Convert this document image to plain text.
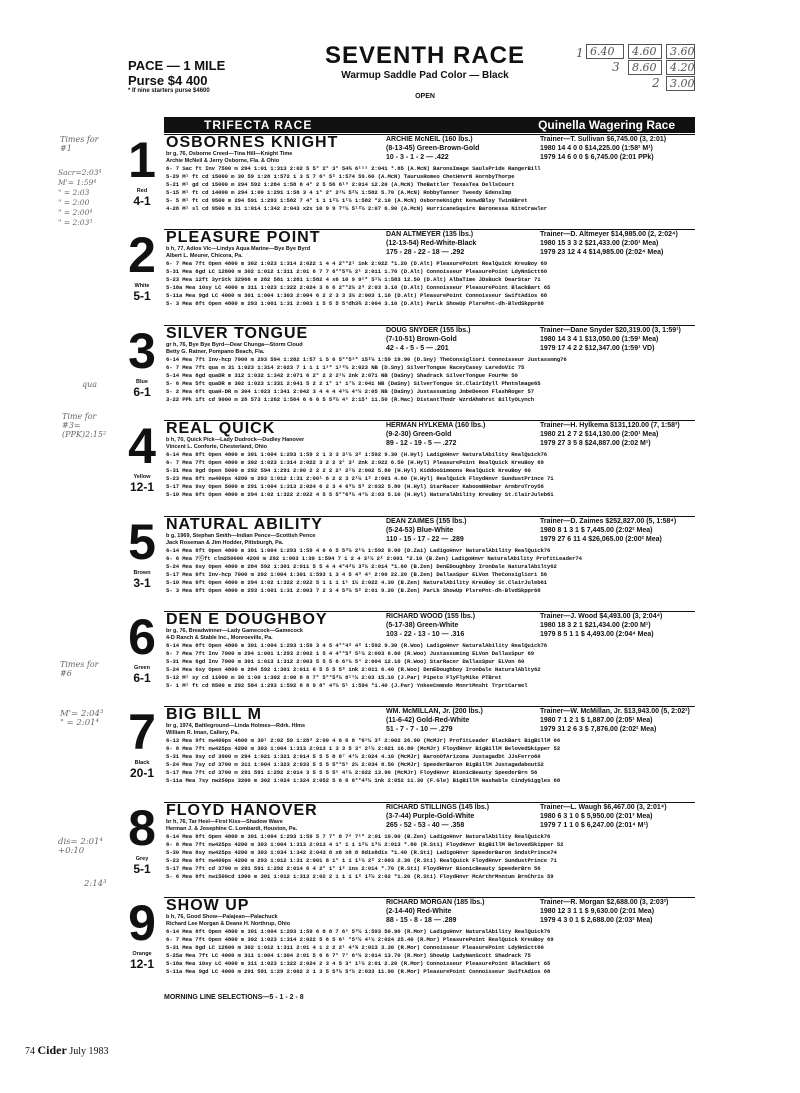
PACE — 1 MILE
Purse $4 400
* If nine starters purse $4600
SEVENTH RACE
Warmup Saddle Pad Color — Black
OPEN
1 6.40	4.60	3.60
3	8.60	4.20
2 3.00
TRIFECTA RACE	Quinella Wagering Race
1
Red
4-1
OSBORNES KNIGHT
br g, 76, Osborne Creed—Tina Hill—Knight Time
Archie McNeil & Jerry Osborne, Fla. & Ohio
ARCHIE McNEIL (160 lbs.)
(8-13-45) Green-Brown-Gold
10 - 3 - 1 - 2 — .422
Trainer—T. Sullivan $6,745.00 (3, 2:01)
1980 14 4 0 0 $14,225.00 (1:58² M¹)
1979 14 6 0 0 $ 6,745.00 (2:01 PPk)
6- 7 Sac ft Inv 7500 m 294 1:01 1:313 2:02 5 5° 2° 3° 54¾ 6¹¹¹ 2:041 *.85 (A.McN) BaronsImage SaulsPride RangerBill
5-29 M¹ ft cd 15000 m 30 59 1:28 1:572 1 3 5 7 6⁴ 5² 1:574 59.60 (A.McN) TaurusRomeo ChetHnvrN HornbyThorpe
5-21 M¹ gd cd 15000 m 294 592 1:284 1:58 8 4° 2 5 56 6¹⁹ 2:014 12.20 (A.McN) TheBattler TexasTea DellsCourt
5-15 M¹ ft cd 14000 m 294 1:00 1:291 1:58 3 4 1° 2° 2¹½ 5²¼ 1:582 5.70 (A.McN) RobbyTanner Tweedy EdensImp
5- 5 M¹ ft cd 9500 m 294 591 1:293 1:582 7 4° 1 1 1²½ 1¹½ 1:582 *2.10 (A.McN) OsborneKnight KenwdBlsy TwinBBret
4-28 M¹ sl cd 9500 m 31 1:014 1:342 2:043 x2x 10 9 9 7⁶½ 5¹²½ 2:07 6.90 (A.McN) HurricaneSquire Baronessa NiteCrawler
2
White
5-1
PLEASURE POINT
b h, 77, Adios Vic—Lindys Aqua Marine—Bye Bye Byrd
Albert L. Meurer, Chicora, Pa.
DAN ALTMEYER (135 lbs.)
(12-13-54) Red-White-Black
175 - 28 - 22 - 18 — .292
Trainer—D. Altmeyer $14,985.00 (2, 2:02⁴)
1980 15 3 3 2 $21,433.00 (2:00¹ Mea)
1979 23 12 4 4 $14,985.00 (2:02⁴ Mea)
6- 7 Mea 7ft Open 4800 m 302 1:023 1:314 2:022 1 4 4 2°°2¹ 1nk 2:022 *1.20 (D.Alt) PleasurePoint RealQuick KreuBoy 69
5-31 Mea 8gd LC 12600 m 302 1:012 1:311 2:01 6 7 7 6°°5³¼ 2¹ 2:011 1.70 (D.Alt) Connoisseur PleasurePoint LdyNnSctt60
5-23 Mea 12ft 3yrStk 32966 m 282 581 1:281 1:582 4 x6 10 9 9¹⁰ 5¹¼ 1:583 12.50 (D.Alt) AlbaTime JDsBuck DearStar 71
5-18a Mea 10sy LC 4000 m 311 1:023 1:322 2:024 3 6 6 2°°2¼ 2³ 2:03 3.10 (D.Alt) Connoisseur PleasurePoint BlackBart 65
5-11a Mea 9gd LC 4000 m 301 1:004 1:303 2:004 6 2 2 3 3 3¼ 2:003 1.10 (D.Alt) PleasurePoint Connoisseur SwiftAdios 68
5- 3 Mea 8ft Open 4800 m 293 1:001 1:31 2:003 1 5 5 5 5⁴dh3¾ 2:004 3.10 (D.Alt) ParLk ShowUp PlsrePnt-dh-BlvdSkppr68
3
Blue
6-1
SILVER TONGUE
gr h, 76, Bye Bye Byrd—Dear Chunga—Storm Cloud
Betty G. Ratner, Pompano Beach, Fla.
DOUG SNYDER (155 lbs.)
(7-10-51) Brown-Gold
42 - 4 - 5 - 5 — .201
Trainer—Dane Snyder $20,319.00 (3, 1:59¹)
1980 14 3 4 1 $13,050.00 (1:59¹ Mea)
1979 17 4 2 2 $12,347.00 (1:59¹ VD)
6-14 Mea 7ft Inv-hcp 7000 m 293 594 1:282 1:57 1 5 6 5°°5¹⁰ 15²¼ 1:59 19.90 (D.Sny) TheConsigliori Connoisseur Justassmng76
6- 7 Mea 7ft qua m 31 1:023 1:314 2:023 7 1 1 1 1¹⁰ 1¹⁸½ 2:023 NB (D.Sny) SilverTongue RaceyCasey LaredoVic 75
5-14 Mea 8gd quaDR m 312 1:032 1:342 2:071 6 2° 2 2 2¹½ 2nk 2:071 NB (DaSny) Shadrack SilverTongue FourMe 50
5- 6 Mea 5ft quaDR m 302 1:023 1:331 2:041 5 2 2 1° 1⁴ 1⁷½ 2:041 NB (DaSny) SilverTongue St.ClairIdyll Phntmlmage65
5- 2 Mea 6ft quaH-DR m 304 1:023 1:341 2:042 3 4 4 4 4⁵½ 4⁴¼ 2:05 NB (DaSny) Justassuming JmbeDeeon FlashRoger 57
3-22 PPk 1ft cd 9000 m 28 573 1:262 1:564 6 6 6 5 5³½ 4⁵ 2:15⁴ 11.50 (R.Mac) DistantThndr WzrdAhmhrst BillyOLynch
4
Yellow
12-1
REAL QUICK
b h, 70, Quick Pick—Lady Dudrock—Dudley Hanover
Vincent L. Conforte, Chesterland, Ohio
HERMAN HYLKEMA (160 lbs.)
(9-2-30) Green-Gold
89 - 12 - 19 - 5 — .272
Trainer—H. Hylkema $131,120.00 (7, 1:58³)
1980 21 2 7 2 $14,130.00 (2:00¹ Mea)
1979 27 3 5 8 $24,887.00 (2:02 M¹)
6-14 Mea 8ft Open 4800 m 301 1:004 1:293 1:59 2 1 3 3 3¹½ 3² 1:592 9.30 (H.Hyl) LadigoHnvr NaturalAbility RealQuick76
6- 7 Mea 7ft Open 4800 m 302 1:023 1:314 2:022 3 2 2 3ⁱ 3¹ 2nk 2:022 6.50 (H.Hyl) PleasurePoint RealQuick KreuBoy 69
5-31 Mea 9gd Open 5000 m 292 594 1:291 2:00 2 2 2 2 2¹ 2¹¼ 2:002 5.80 (H.Hyl) KiddooSimmons RealQuick KreuBoy 60
5-23 Mea 8ft nw400ps 4200 m 293 1:012 1:31 2:00¹ 6 2 2 3 2¹¼ 1² 2:001 4.60 (H.Hyl) RealQuick FloydHnvr SundustPrince 71
5-17 Mea 9sy Open 5000 m 291 1:004 1:313 2:024 6 2 3 4 6³½ 5³ 2:032 5.80 (H.Hyl) StarRacer KaboomNHnbar ArmbroTroy56
5-10 Mea 6ft Open 4800 m 294 1:02 1:322 2:022 4 5 5 5°°6³½ 4⁴½ 2:03 5.10 (H.Hyl) NaturalAbility KreuBoy St.ClairJuleb61
5
Brown
3-1
NATURAL ABILITY
b g, 1969, Stephan Smith—Indian Pence—Scottish Pence
Jack Roseman & Jim Hodder, Pittsburgh, Pa.
DEAN ZAIMES (155 lbs.)
(5-24-53) Blue-White
110 - 15 - 17 - 22 — .289
Trainer—D. Zaimes $252,827.00 (5, 1:58⁴)
1980 8 1 3 1 $ 7,445.00 (2:02² Mea)
1979 27 6 11 4 $26,065.00 (2:00² Mea)
6-14 Mea 8ft Open 4800 m 301 1:004 1:293 1:59 4 6 6 5 5³½ 2¹½ 1:592 9.00 (D.Zai) LadigoHnvr NaturalAbility RealQuick76
6- 6 Mea 7ⓒft clm250000 4200 m 292 1:003 1:30 1:594 7 1 2 4 3¹½ 2² 2:001 *2.10 (B.Zen) LadigoHnvr NaturalAbility ProfitLeader74
5-24 Mea 6sy Open 4800 m 284 592 1:301 2:011 5 5 4 4 4°4²½ 3²½ 2:014 *1.60 (B.Zen) DenEDoughboy IronDale NaturalAbilty62
5-17 Mea 6ft Inv-hcp 7000 m 292 1:004 1:301 1:593 1 3 4 5 4³ 4⁵ 2:00 22.20 (B.Zen) DallasSpur ELVon TheConsigliori 56
5-10 Mea 6ft Open 4800 m 294 1:02 1:322 2:022 5 1 1 1 1¹ 1½ 2:022 4.30 (B.Zen) NaturalAbility KreuBoy St.ClairJuleb61
5- 3 Mea 8ft Open 4800 m 293 1:001 1:31 2:003 7 2 3 4 5³½ 5² 2:01 9.20 (B.Zen) ParLk ShowUp PlsrePnt-dh-BlvdSkppr68
6
Green
6-1
DEN E DOUGHBOY
br g, 76, Breadwinner—Lady Gamecock—Gamecock
4-D Ranch & Stable Inc., Monroeville, Pa.
RICHARD WOOD (155 lbs.)
(5-17-38) Green-White
103 - 22 - 13 - 10 — .316
Trainer—J. Wood $4,493.00 (3, 2:04⁴)
1980 18 3 2 1 $21,434.00 (2:00 M¹)
1979 8 5 1 1 $ 4,493.00 (2:04⁴ Mea)
6-14 Mea 8ft Open 4800 m 301 1:004 1:293 1:59 3 4 5 4°°4² 4² 1:592 9.30 (R.Woo) LadigoHnvr NaturalAbility RealQuick76
6- 7 Mea 7ft Inv 7000 m 294 1:001 1:293 2:002 1 5 4 4°°5³ 5¹½ 2:003 6.60 (R.Woo) Justassuming ELVon DallasSpur 69
5-31 Mea 6gd Inv 7000 m 301 1:013 1:312 2:003 5 5 5 6 6⁵½ 5⁴ 2:004 12.10 (R.Woo) StarRacer DallasSpur ELVon 60
5-24 Mea 6sy Open 4800 m 284 592 1:301 2:011 6 5 5 5 5³ 1nk 2:011 6.40 (R.Woo) DenEDoughboy IronDale NaturalAblty62
5-12 M¹ sy cd 11000 m 30 1:00 1:302 2:00 8 8 7° 5°°5³½ 8¹⁵½ 2:03 15.10 (J.Par) Pipeto FlyFlyMike PTBret
5- 1 M¹ ft cd 8500 m 292 584 1:293 1:592 8 8 9 8° 4³½ 5¹ 1:594 *1.40 (J.Par) YnkeeCmmndo MnnrtMnsht TrprtCarmel
7
Black
20-1
BIG BILL M
br g, 1974, Battleground—Linda Holmes—Rdrk. Hlms
William R. Iman, Callery, Pa.
WM. McMILLAN, Jr. (200 lbs.)
(11-6-42) Gold-Red-White
51 - 7 - 7 - 10 — .279
Trainer—W. McMillan, Jr. $13,943.00 (5, 2:02²)
1980 7 1 2 1 $ 1,887.00 (2:05¹ Mea)
1979 31 2 6 3 $ 7,876.00 (2:02² Mea)
6-13 Mea 9ft nw400ps 4600 m 30¹ 2:02 59 1:28³ 2:00 4 6 6 8 °6⁵½ 3² 2:002 26.90 (McMJr) ProfitLeader BlackBart BigBillM 66
6- 8 Mea 7ft nw425ps 4200 m 303 1:004 1:313 2:013 1 3 3 5 3⁴ 2¹½ 2:021 16.80 (McMJr) FloydHnvr BigBillM BelovedSkipper 52
5-31 Mea 9sy cd 3900 m 294 1:021 1:321 2:014 5 5 5 8 8⁷ 4⁴½ 2:024 4.10 (McMJr) BaronOfArizona Justagadbt JJsFerro60
5-24 Mea 7sy cd 3700 m 311 1:004 1:323 2:033 5 5 5 5°°5⁵ 2½ 2:034 8.50 (McMJr) SpeederBaron BigBillM JustagadaboutS2
5-17 Mea 7ft cd 3700 m 291 591 1:292 2:014 3 5 5 5 5⁵ 4¹½ 2:022 13.90 (McMJr) FloydHnvr BionicBeauty SpeederBrn 56
5-11a Mea 7sy nw250ps 3200 m 302 1:024 1:324 2:052 5 6 6 6°°4²½ 1nk 2:052 11.30 (F.Gle) BigBillM Washable CindyGiggles 68
8
Grey
5-1
FLOYD HANOVER
br h, 76, Tar Heel—First Kiss—Shadow Wave
Herman J. & Josephine C. Lombardi, Houston, Pa.
RICHARD STILLINGS (145 lbs.)
(3-7-44) Purple-Gold-White
265 - 52 - 53 - 40 — .358
Trainer—L. Waugh $6,467.00 (3, 2:01⁴)
1980 6 3 1 0 $ 5,950.00 (2:01³ Mea)
1979 7 1 1 0 $ 6,247.00 (2:01⁴ M¹)
6-14 Mea 8ft Open 4800 m 301 1:004 1:293 1:59 5 7 7° 8 7⁸ 7¹⁰ 2:01 10.00 (B.Zen) LadigoHnvr NaturalAbility RealQuick76
6- 8 Mea 7ft nw425ps 4200 m 303 1:004 1:313 2:013 4 1° 1 1 1²½ 1³½ 2:013 *.80 (R.Sti) FloydHnvr BigBillM BelovedSkipper 52
5-30 Mea 8sy nw425ps 4200 m 303 1:034 1:342 2:043 8 x8 x8 8 8dis8dis *1.40 (R.Sti) LadigoHnvr SpeederBaron SndstPrince74
5-23 Mea 8ft nw400ps 4200 m 293 1:012 1:31 2:001 8 1° 1 1 1¹½ 2² 2:003 2.30 (R.Sti) RealQuick FloydHnvr SundustPrince 71
5-17 Mea 7ft cd 3700 m 291 591 1:292 2:014 6 4 2° 1° 1² 1ns 2:014 *.70 (R.Sti) FloydHnvr BionicBeauty SpeederBrn 56
5- 6 Mea 8ft nw1500cd 1900 m 301 1:012 1:313 2:02 2 1 1 1 1² 1²½ 2:02 *1.20 (R.Sti) FloydHnvr McArthrMnntum BrnChris 59
9
Orange
12-1
SHOW UP
b h, 76, Good Show—Palajean—Palachuck
Richard Lee Morgan & Deane H. Northrup, Ohio
RICHARD MORGAN (185 lbs.)
(2-14-40) Red-White
88 - 15 - 8 - 18 — .289
Trainer—R. Morgan $2,688.00 (3, 2:03²)
1980 12 3 1 1 $ 9,630.00 (2:01 Mea)
1979 4 3 0 1 $ 2,688.00 (2:03² Mea)
6-14 Mea 8ft Open 4800 m 301 1:004 1:293 1:59 6 8 8 7 6⁵ 5³½ 1:593 50.90 (R.Mor) LadigoHnvr NaturalAbility RealQuick76
6- 7 Mea 7ft Open 4800 m 302 1:023 1:314 2:022 5 6 5 6¹ °5⁴½ 4¹½ 2:024 25.40 (R.Mor) PleasurePoint RealQuick KreuBoy 69
5-31 Mea 8gd LC 12600 m 302 1:012 1:311 2:01 4 1 2 2 2¹ 4⁴¾ 2:013 3.30 (R.Mor) Connoisseur PleasurePoint LdyNnSctt60
5-25a Mea 7ft LC 4000 m 311 1:004 1:304 2:01 5 6 6 7° 7⁷ 6⁴¼ 2:014 13.70 (R.Mor) ShowUp LadyNanScott Shadrack 75
5-18a Mea 10sy LC 4000 m 311 1:023 1:322 2:024 2 3 4 5 3⁴ 1¹½ 2:01 2.20 (R.Mor) Connoisseur PleasurePoint BlackBart 65
5-11a Mea 9gd LC 4000 m 291 591 1:29 2:002 2 1 3 5 5³½ 5⁴½ 2:033 11.90 (R.Mor) PleasurePoint Connoisseur SwiftAdios 68
MORNING LINE SELECTIONS—5 - 1 - 2 - 8
Times for
#1
Sacr=2:03⁴
M'= 1:59⁴
" = 2:03
" = 2:00
" = 2:00⁴
" = 2:03³
qua
Time for
#3=
(PPK)2:15²
Times for
#6
M'= 2:04³
" = 2:01⁴
dis= 2:01⁴
+0:10
2:14³
74 Cider July 1983
